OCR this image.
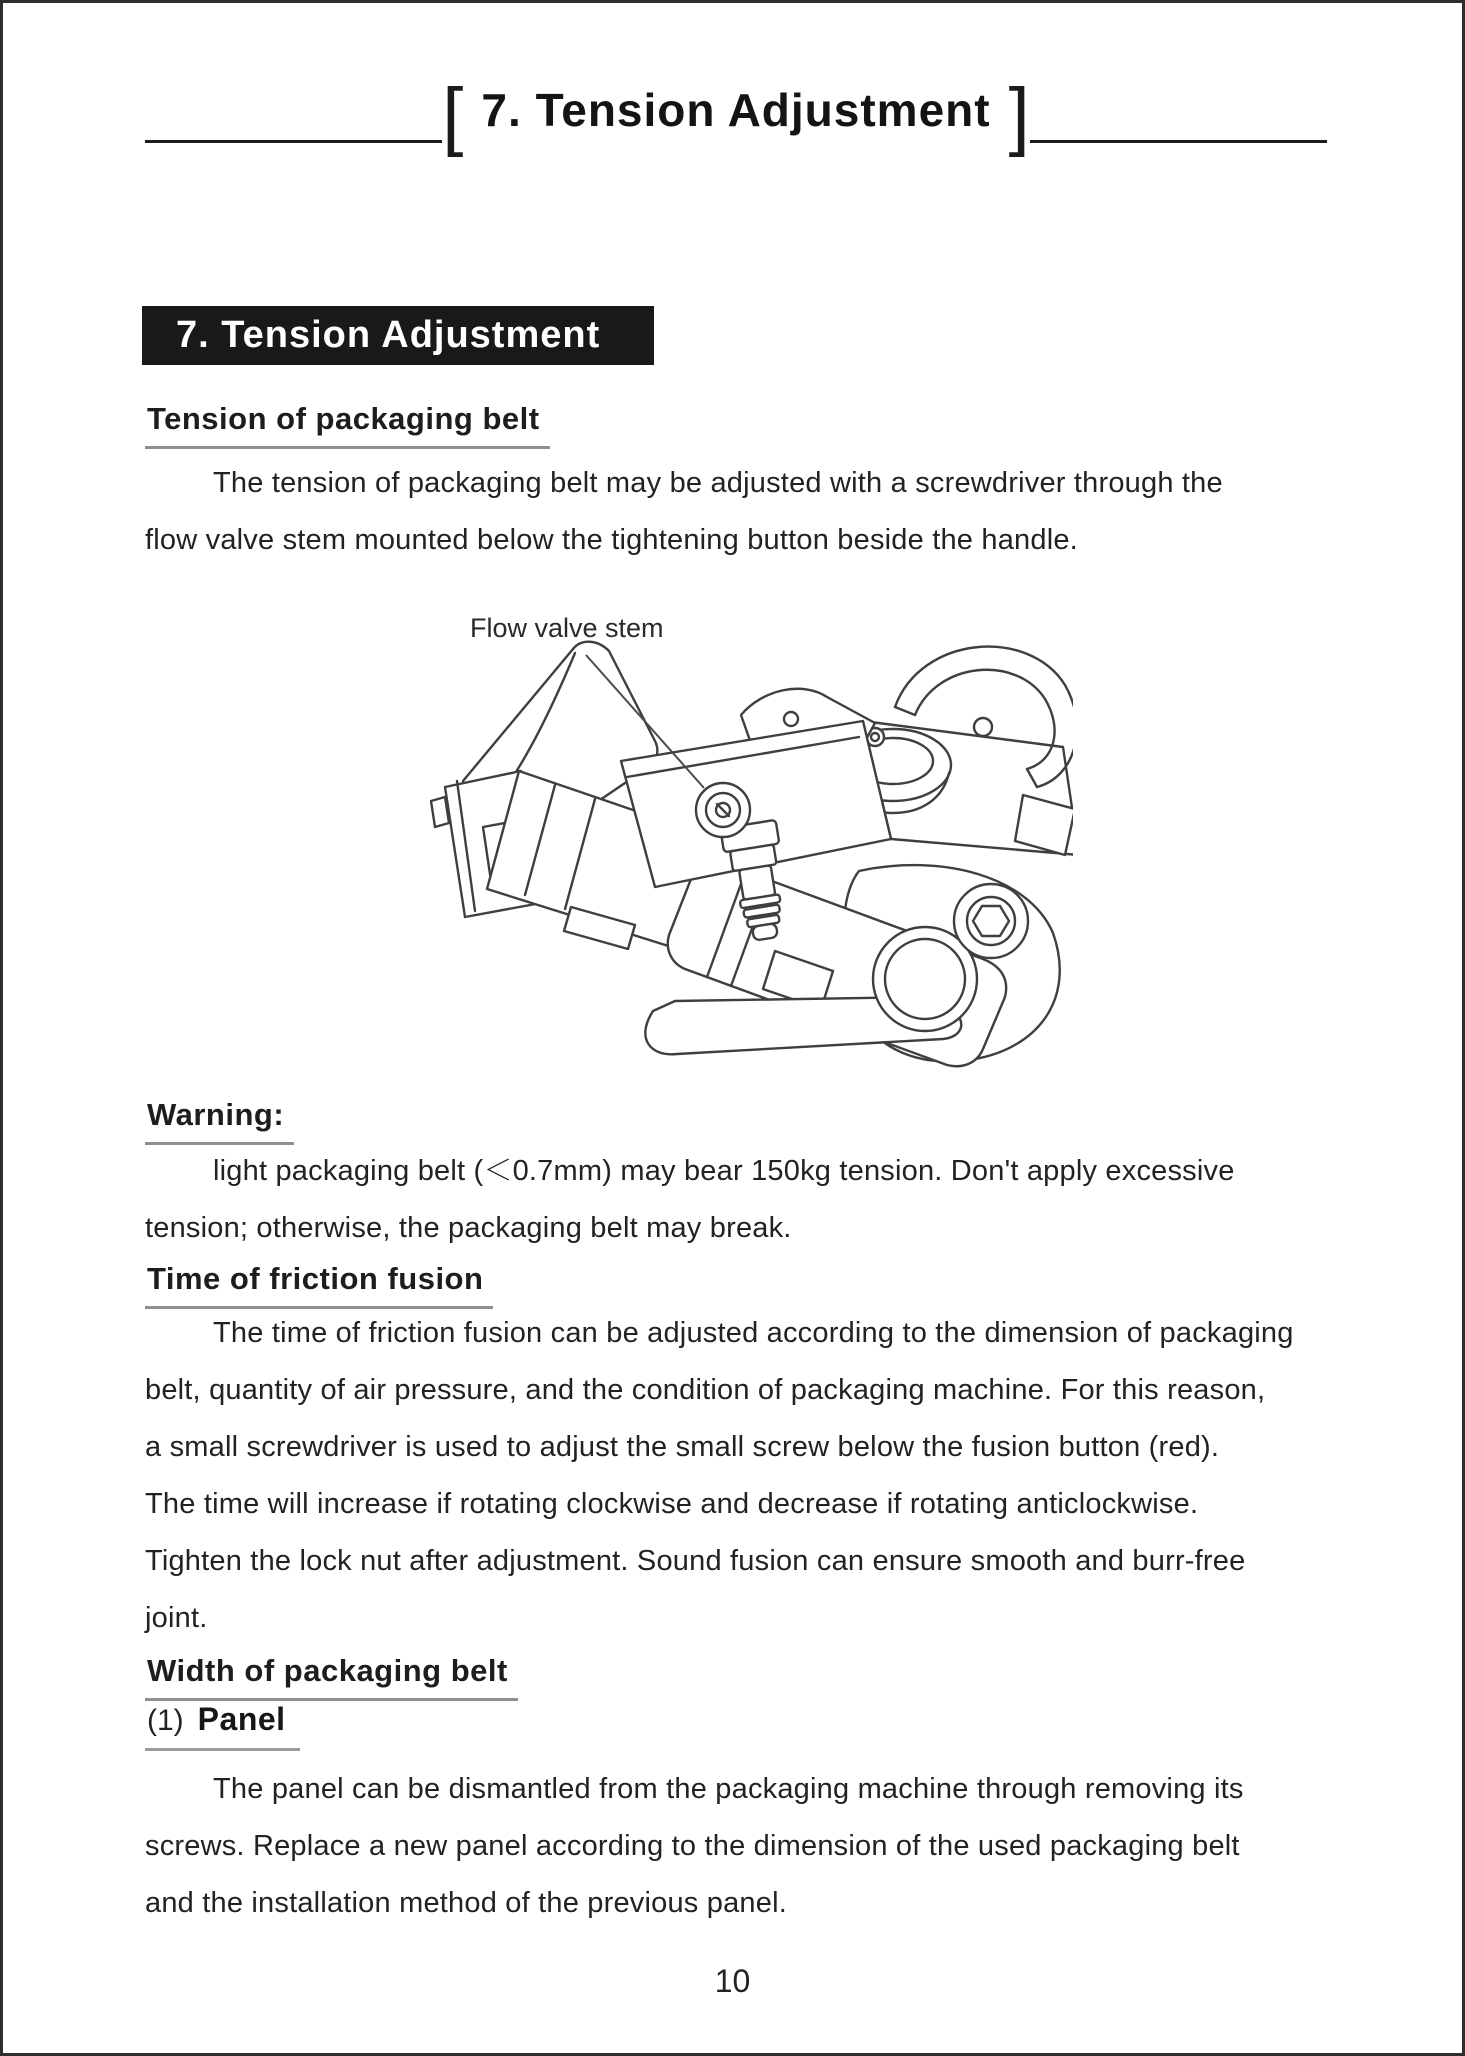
[ 7. Tension Adjustment ]
7. Tension Adjustment
Tension of packaging belt
The tension of packaging belt may be adjusted with a screwdriver through the
flow valve stem mounted below the tightening button beside the handle.
Flow valve stem
Warning:
light packaging belt (＜0.7mm) may bear 150kg tension. Don't apply excessive
tension; otherwise, the packaging belt may break.
Time of friction fusion
The time of friction fusion can be adjusted according to the dimension of packaging
belt, quantity of air pressure, and the condition of packaging machine. For this reason,
a small screwdriver is used to adjust the small screw below the fusion button (red).
The time will increase if rotating clockwise and decrease if rotating anticlockwise.
Tighten the lock nut after adjustment. Sound fusion can ensure smooth and burr-free
joint.
Width of packaging belt
(1) Panel
The panel can be dismantled from the packaging machine through removing its
screws. Replace a new panel according to the dimension of the used packaging belt
and the installation method of the previous panel.
10
